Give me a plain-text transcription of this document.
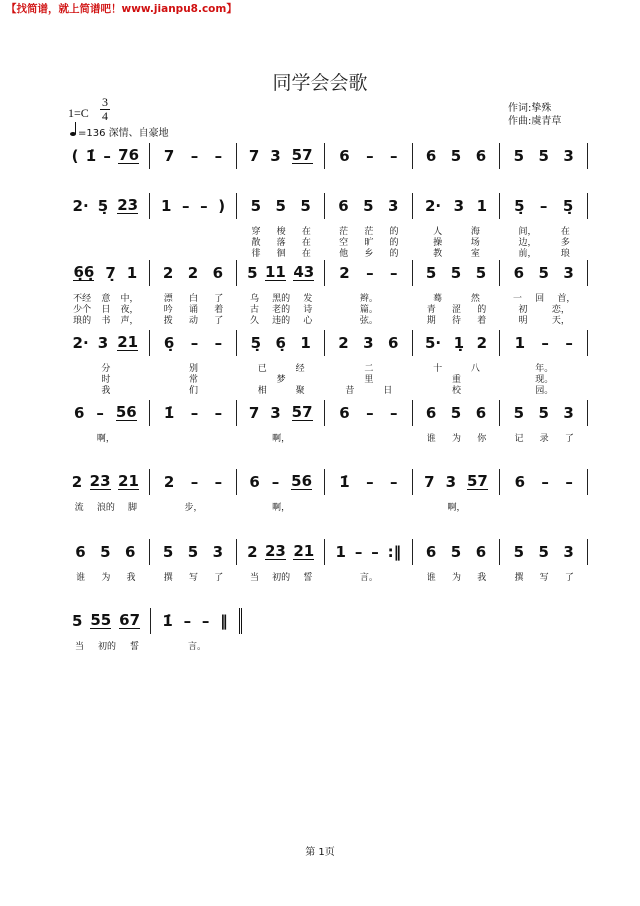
【找简谱，就上简谱吧！www.jianpu8.com】
同学会会歌
1=C
3
4
=136 深情、自豪地
作词:挚殊
作曲:虞青草
( 1̇ – 76 7 – – 7 3 57 6 – – 6 5 6 5 5 3
2· 5̣ 23 1 – – ) 5 5 5 6 5 3 2· 3 1 5̣ – 5̣
穿 梭 在	茫 茫 的	人	海	间，	在
散 落 在	空 旷 的	操	场	边，	多
徘 徊 在	他 乡 的	教	室	前，	琅
6̣6̣ 7̣ 1 2 2 6 5 11 43 2 – – 5 5 5 6 5 3
不经 意 中，	漂 白 了	乌 黑的 发	辫。	蓦	然	一 回 首，
少个 日 夜，	吟 诵 着	古 老的 诗	篇。	青 涩 的	初	恋，
琅的 书 声，	拨 动 了	久 违的 心	弦。	期 待 着	明	天，
2· 3 21 6̣ – – 5̣ 6̣ 1 2 3 6 5· 1̣ 2 1 – –
分	别	已	经	二	十	八	年。
时	常	梦	里	重	现。
我	们	相	聚	昔	日	校	园。
6 – 56 1̇ – – 7 3 57 6 – – 6 5 6 5 5 3
啊，	啊，	谁 为 你	记 录 了
2 23 21 2 – – 6 – 56 1̇ – – 7 3 57 6 – –
流 浪的 脚	步，	啊，	啊，
6 5 6 5 5 3 2 23 21 1 – – :‖ 6 5 6 5 5 3
谁 为 我	撰 写 了	当 初的 誓	言。	谁 为 我	撰 写 了
5 55 67 1̇ – – ‖
当 初的 誓	言。
第 1页
